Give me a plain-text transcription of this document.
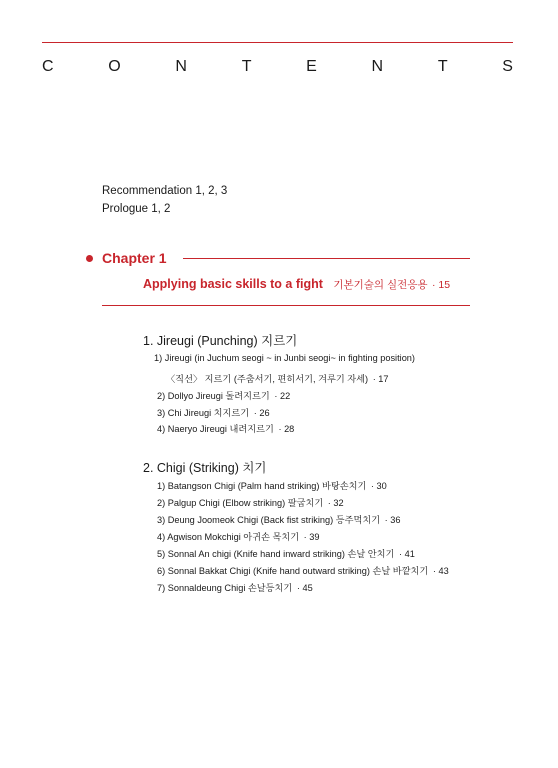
C	O	N	T	E	N	T	S
Recommendation 1, 2, 3
Prologue 1, 2
Chapter 1
Applying basic skills to a fight 기본기술의 실전응용 · 15
1. Jireugi (Punching) 지르기
1) Jireugi (in Juchum seogi ~ in Junbi seogi~ in fighting position)
〈직선〉 지르기 (주춤서기, 편히서기, 겨루기 자세) · 17
2) Dollyo Jireugi 돌려지르기 · 22
3) Chi Jireugi 치지르기 · 26
4) Naeryo Jireugi 내려지르기 · 28
2. Chigi (Striking) 치기
1) Batangson Chigi (Palm hand striking) 바탕손치기 · 30
2) Palgup Chigi (Elbow striking) 팔굽치기 · 32
3) Deung Joomeok Chigi (Back fist striking) 등주먹치기 · 36
4) Agwison Mokchigi 아귀손 목치기 · 39
5) Sonnal An chigi (Knife hand inward striking) 손날 안치기 · 41
6) Sonnal Bakkat Chigi (Knife hand outward striking) 손날 바깥치기 · 43
7) Sonnaldeung Chigi 손날등치기 · 45
